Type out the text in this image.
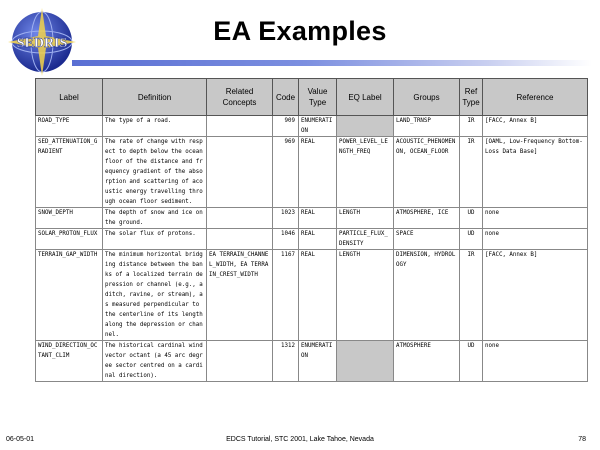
SEDRIS	EA Examples
Label	Definition	Related Concepts	Code	Value Type	EQ Label	Groups	Ref Type	Reference
ROAD_TYPE	The type of a road.		909	ENUMERATION		LAND_TRNSP	IR	[FACC, Annex B]
SED_ATTENUATION_GRADIENT	The rate of change with respect to depth below the ocean floor of the distance and frequency gradient of the absorption and scattering of acoustic energy travelling through ocean floor sediment.		969	REAL	POWER_LEVEL_LENGTH_FREQ	ACOUSTIC_PHENOMENON, OCEAN_FLOOR	IR	[OAML, Low-Frequency Bottom-Loss Data Base]
SNOW_DEPTH	The depth of snow and ice on the ground.		1023	REAL	LENGTH	ATMOSPHERE, ICE	UD	none
SOLAR_PROTON_FLUX	The solar flux of protons.		1046	REAL	PARTICLE_FLUX_DENSITY	SPACE	UD	none
TERRAIN_GAP_WIDTH	The minimum horizontal bridging distance between the banks of a localized terrain depression or channel (e.g., a ditch, ravine, or stream), as measured perpendicular to the centerline of its length along the depression or channel.	EA TERRAIN_CHANNEL_WIDTH, EA TERRAIN_CREST_WIDTH	1167	REAL	LENGTH	DIMENSION, HYDROLOGY	IR	[FACC, Annex B]
WIND_DIRECTION_OCTANT_CLIM	The historical cardinal wind vector octant (a 45 arc degree sector centred on a cardinal direction).		1312	ENUMERATION		ATMOSPHERE	UD	none
06-05-01	EDCS Tutorial, STC 2001, Lake Tahoe, Nevada	78
